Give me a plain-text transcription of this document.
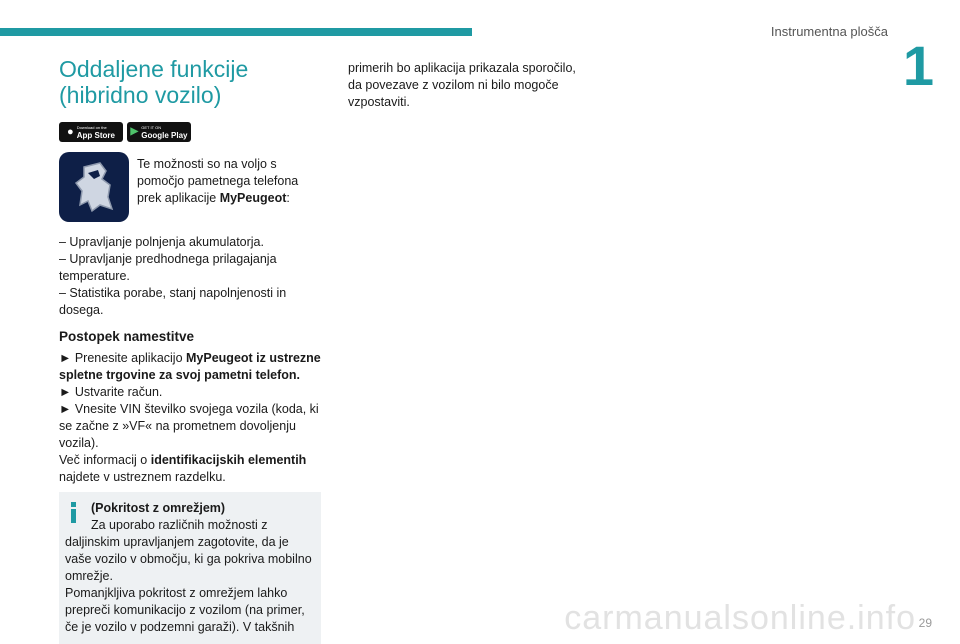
Instrumentna plošča
1
Oddaljene funkcije
(hibridno vozilo)
● Download on the
App Store ▶ GET IT ON
Google Play
Te možnosti so na voljo s
pomočjo pametnega telefona
prek aplikacije MyPeugeot:

– Upravljanje polnjenja akumulatorja.
– Upravljanje predhodnega prilagajanja temperature.
– Statistika porabe, stanj napolnjenosti in dosega.

Postopek namestitve

► Prenesite aplikacijo MyPeugeot iz ustrezne spletne trgovine za svoj pametni telefon.
► Ustvarite račun.
► Vnesite VIN številko svojega vozila (koda, ki se začne z »VF« na prometnem dovoljenju vozila).
Več informacij o identifikacijskih elementih najdete v ustreznem razdelku.

(Pokritost z omrežjem)
Za uporabo različnih možnosti z
daljinskim upravljanjem zagotovite, da je vaše vozilo v območju, ki ga pokriva mobilno omrežje.
Pomanjkljiva pokritost z omrežjem lahko prepreči komunikacijo z vozilom (na primer, če je vozilo v podzemni garaži). V takšnih
primerih bo aplikacija prikazala sporočilo, da povezave z vozilom ni bilo mogoče vzpostaviti.
29
carmanualsonline.info
